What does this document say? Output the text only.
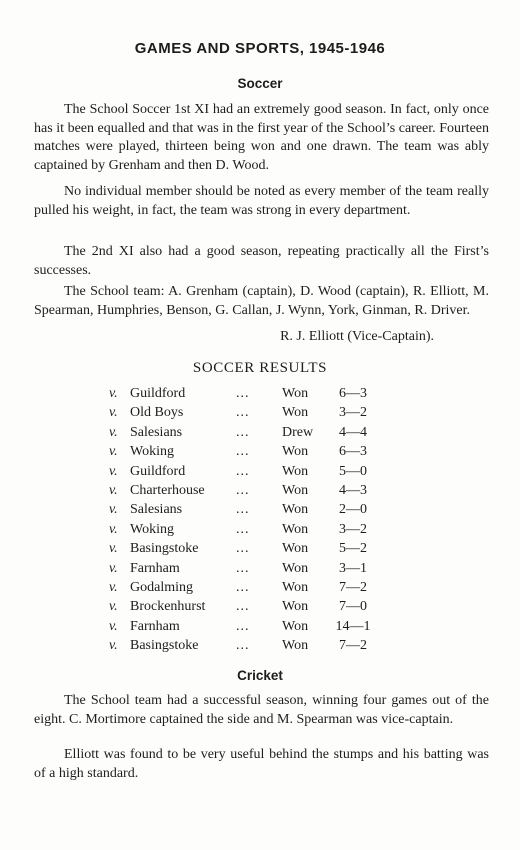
GAMES AND SPORTS, 1945-1946
Soccer

The School Soccer 1st XI had an extremely good season. In fact, only once has it been equalled and that was in the first year of the School’s career. Fourteen matches were played, thirteen being won and one drawn. The team was ably captained by Grenham and then D. Wood.

No individual member should be noted as every member of the team really pulled his weight, in fact, the team was strong in every department.

The 2nd XI also had a good season, repeating practically all the First’s successes.

The School team: A. Grenham (captain), D. Wood (captain), R. Elliott, M. Spearman, Humphries, Benson, G. Callan, J. Wynn, York, Ginman, R. Driver.

R. J. Elliott (Vice-Captain).
SOCCER RESULTS
v. Guildford	... Won	6—3
v. Old Boys	... Won	3—2
v. Salesians	... Drew	4—4
v. Woking	... Won	6—3
v. Guildford	... Won	5—0
v. Charterhouse ... Won	4—3
v. Salesians	... Won	2—0
v. Woking	... Won	3—2
v. Basingstoke	... Won	5—2
v. Farnham	... Won	3—1
v. Godalming	... Won	7—2
v. Brockenhurst ... Won	7—0
v. Farnham	... Won	14—1
v. Basingstoke	... Won	7—2
Cricket

The School team had a successful season, winning four games out of the eight. C. Mortimore captained the side and M. Spearman was vice-captain.

Elliott was found to be very useful behind the stumps and his batting was of a high standard.
